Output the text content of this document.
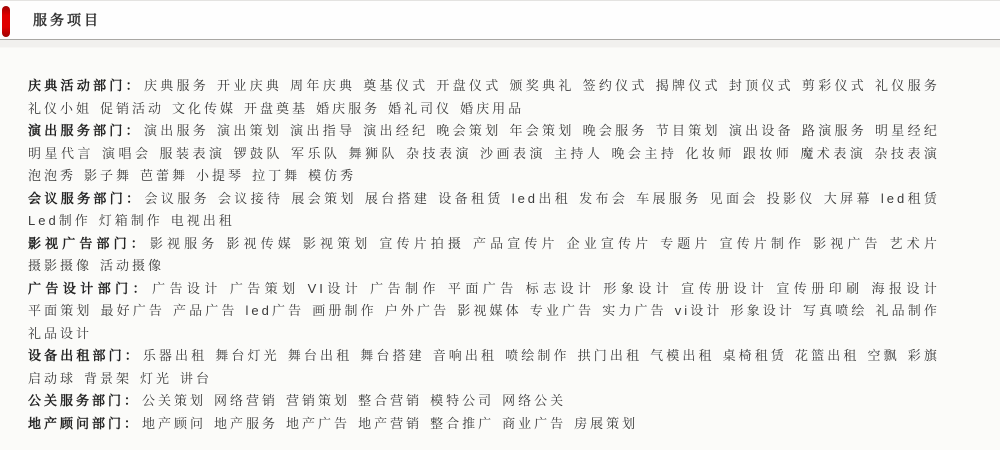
服务项目

庆典活动部门： 庆典服务 开业庆典 周年庆典 奠基仪式 开盘仪式 颁奖典礼 签约仪式 揭牌仪式 封顶仪式 剪彩仪式 礼仪服务礼仪小姐 促销活动 文化传媒 开盘奠基 婚庆服务 婚礼司仪 婚庆用品

演出服务部门： 演出服务 演出策划 演出指导 演出经纪 晚会策划 年会策划 晚会服务 节目策划 演出设备 路演服务 明星经纪明星代言 演唱会 服装表演 锣鼓队 军乐队 舞狮队 杂技表演 沙画表演 主持人 晚会主持 化妆师 跟妆师 魔术表演 杂技表演泡泡秀 影子舞 芭蕾舞 小提琴 拉丁舞 模仿秀

会议服务部门： 会议服务 会议接待 展会策划 展台搭建 设备租赁 led出租 发布会 车展服务 见面会 投影仪 大屏幕 led租赁Led制作 灯箱制作 电视出租

影视广告部门： 影视服务 影视传媒 影视策划 宣传片拍摄 产品宣传片 企业宣传片 专题片 宣传片制作 影视广告 艺术片摄影摄像 活动摄像

广告设计部门： 广告设计 广告策划 VI设计 广告制作 平面广告 标志设计 形象设计 宣传册设计 宣传册印刷 海报设计平面策划 最好广告 产品广告 led广告 画册制作 户外广告 影视媒体 专业广告 实力广告 vi设计 形象设计 写真喷绘 礼品制作礼品设计

设备出租部门： 乐器出租 舞台灯光 舞台出租 舞台搭建 音响出租 喷绘制作 拱门出租 气模出租 桌椅租赁 花篮出租 空飘 彩旗启动球 背景架 灯光 讲台

公关服务部门： 公关策划 网络营销 营销策划 整合营销 模特公司 网络公关

地产顾问部门： 地产顾问 地产服务 地产广告 地产营销 整合推广 商业广告 房展策划
